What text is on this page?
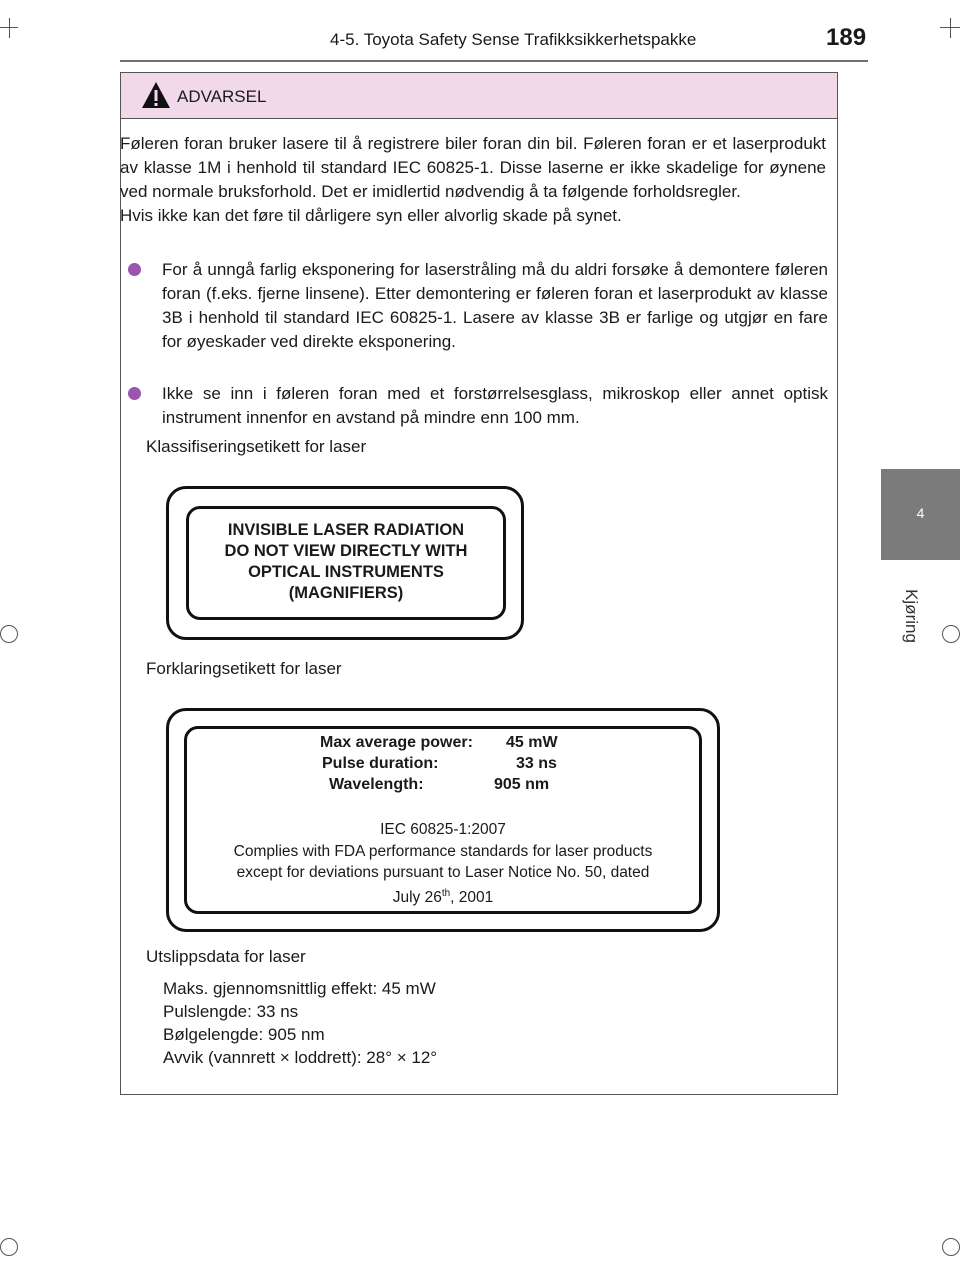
4-5. Toyota Safety Sense Trafikksikkerhetspakke	189
4
Kjøring
ADVARSEL
Føleren foran bruker lasere til å registrere biler foran din bil. Føleren foran er et laserprodukt av klasse 1M i henhold til standard IEC 60825-1. Disse laserne er ikke skadelige for øynene ved normale bruksforhold. Det er imidlertid nødvendig å ta følgende forholdsregler.
Hvis ikke kan det føre til dårligere syn eller alvorlig skade på synet.
For å unngå farlig eksponering for laserstråling må du aldri forsøke å demontere føleren foran (f.eks. fjerne linsene). Etter demontering er føleren foran et laserprodukt av klasse 3B i henhold til standard IEC 60825-1. Lasere av klasse 3B er farlige og utgjør en fare for øyeskader ved direkte eksponering.
Ikke se inn i føleren foran med et forstørrelsesglass, mikroskop eller annet optisk instrument innenfor en avstand på mindre enn 100 mm.
Klassifiseringsetikett for laser
INVISIBLE LASER RADIATION
DO NOT VIEW DIRECTLY WITH
OPTICAL INSTRUMENTS
(MAGNIFIERS)
Forklaringsetikett for laser
Max average power: 45 mW
Pulse duration:	33 ns
Wavelength:	905 nm
IEC 60825-1:2007
Complies with FDA performance standards for laser products
except for deviations pursuant to Laser Notice No. 50, dated
July 26th, 2001
Utslippsdata for laser
Maks. gjennomsnittlig effekt: 45 mW
Pulslengde: 33 ns
Bølgelengde: 905 nm
Avvik (vannrett × loddrett): 28° × 12°
